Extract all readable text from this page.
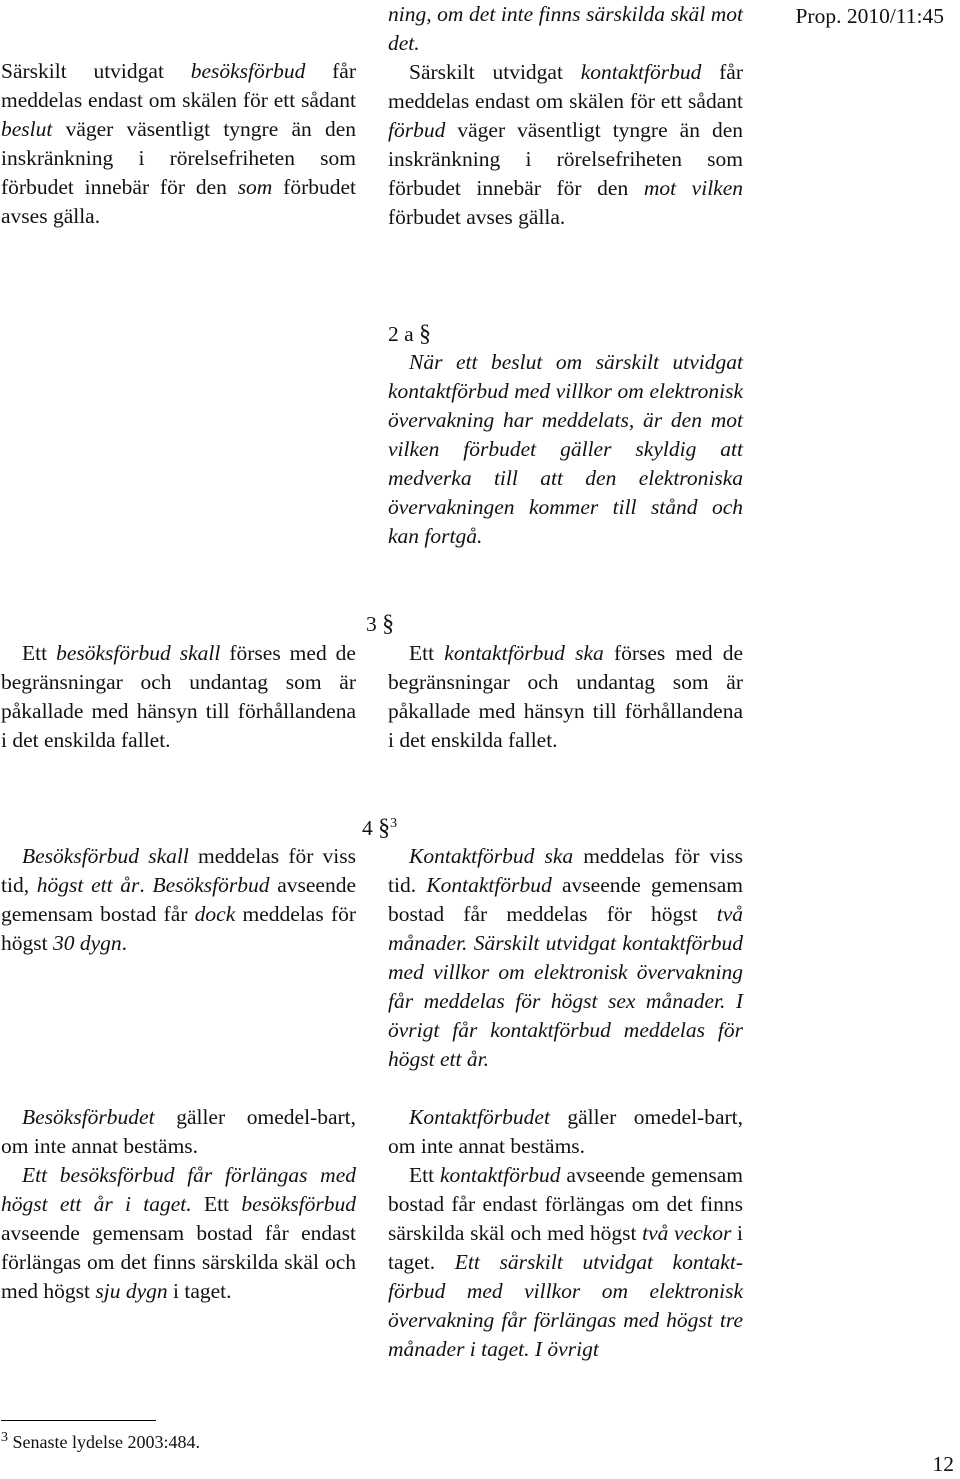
Prop. 2010/11:45

Särskilt utvidgat besöksförbud får meddelas endast om skälen för ett sådant beslut väger väsentligt tyngre än den inskränkning i rörelsefriheten som förbudet innebär för den som förbudet avses gälla.

ning, om det inte finns särskilda skäl mot det.

Särskilt utvidgat kontaktförbud får meddelas endast om skälen för ett sådant förbud väger väsentligt tyngre än den inskränkning i rörelsefriheten som förbudet innebär för den mot vilken förbudet avses gälla.

2 a §

När ett beslut om särskilt utvidgat kontaktförbud med villkor om elektronisk övervakning har meddelats, är den mot vilken förbudet gäller skyldig att medverka till att den elektroniska övervakningen kommer till stånd och kan fortgå.

3 §

Ett besöksförbud skall förses med de begränsningar och undantag som är påkallade med hänsyn till förhållandena i det enskilda fallet.

Ett kontaktförbud ska förses med de begränsningar och undantag som är påkallade med hänsyn till förhållandena i det enskilda fallet.

4 §$^3$

Besöksförbud skall meddelas för viss tid, högst ett år. Besöksförbud avseende gemensam bostad får dock meddelas för högst 30 dygn.

Besöksförbudet gäller omedel-bart, om inte annat bestäms.

Ett besöksförbud får förlängas med högst ett år i taget. Ett besöksförbud avseende gemensam bostad får endast förlängas om det finns särskilda skäl och med högst sju dygn i taget.

Kontaktförbud ska meddelas för viss tid. Kontaktförbud avseende gemensam bostad får meddelas för högst två månader. Särskilt utvidgat kontaktförbud med villkor om elektronisk övervakning får meddelas för högst sex månader. I övrigt får kontaktförbud meddelas för högst ett år.

Kontaktförbudet gäller omedel-bart, om inte annat bestäms.

Ett kontaktförbud avseende gemensam bostad får endast förlängas om det finns särskilda skäl och med högst två veckor i taget. Ett särskilt utvidgat kontakt-förbud med villkor om elektronisk övervakning får förlängas med högst tre månader i taget. I övrigt

$^3$ Senaste lydelse 2003:484.
12
